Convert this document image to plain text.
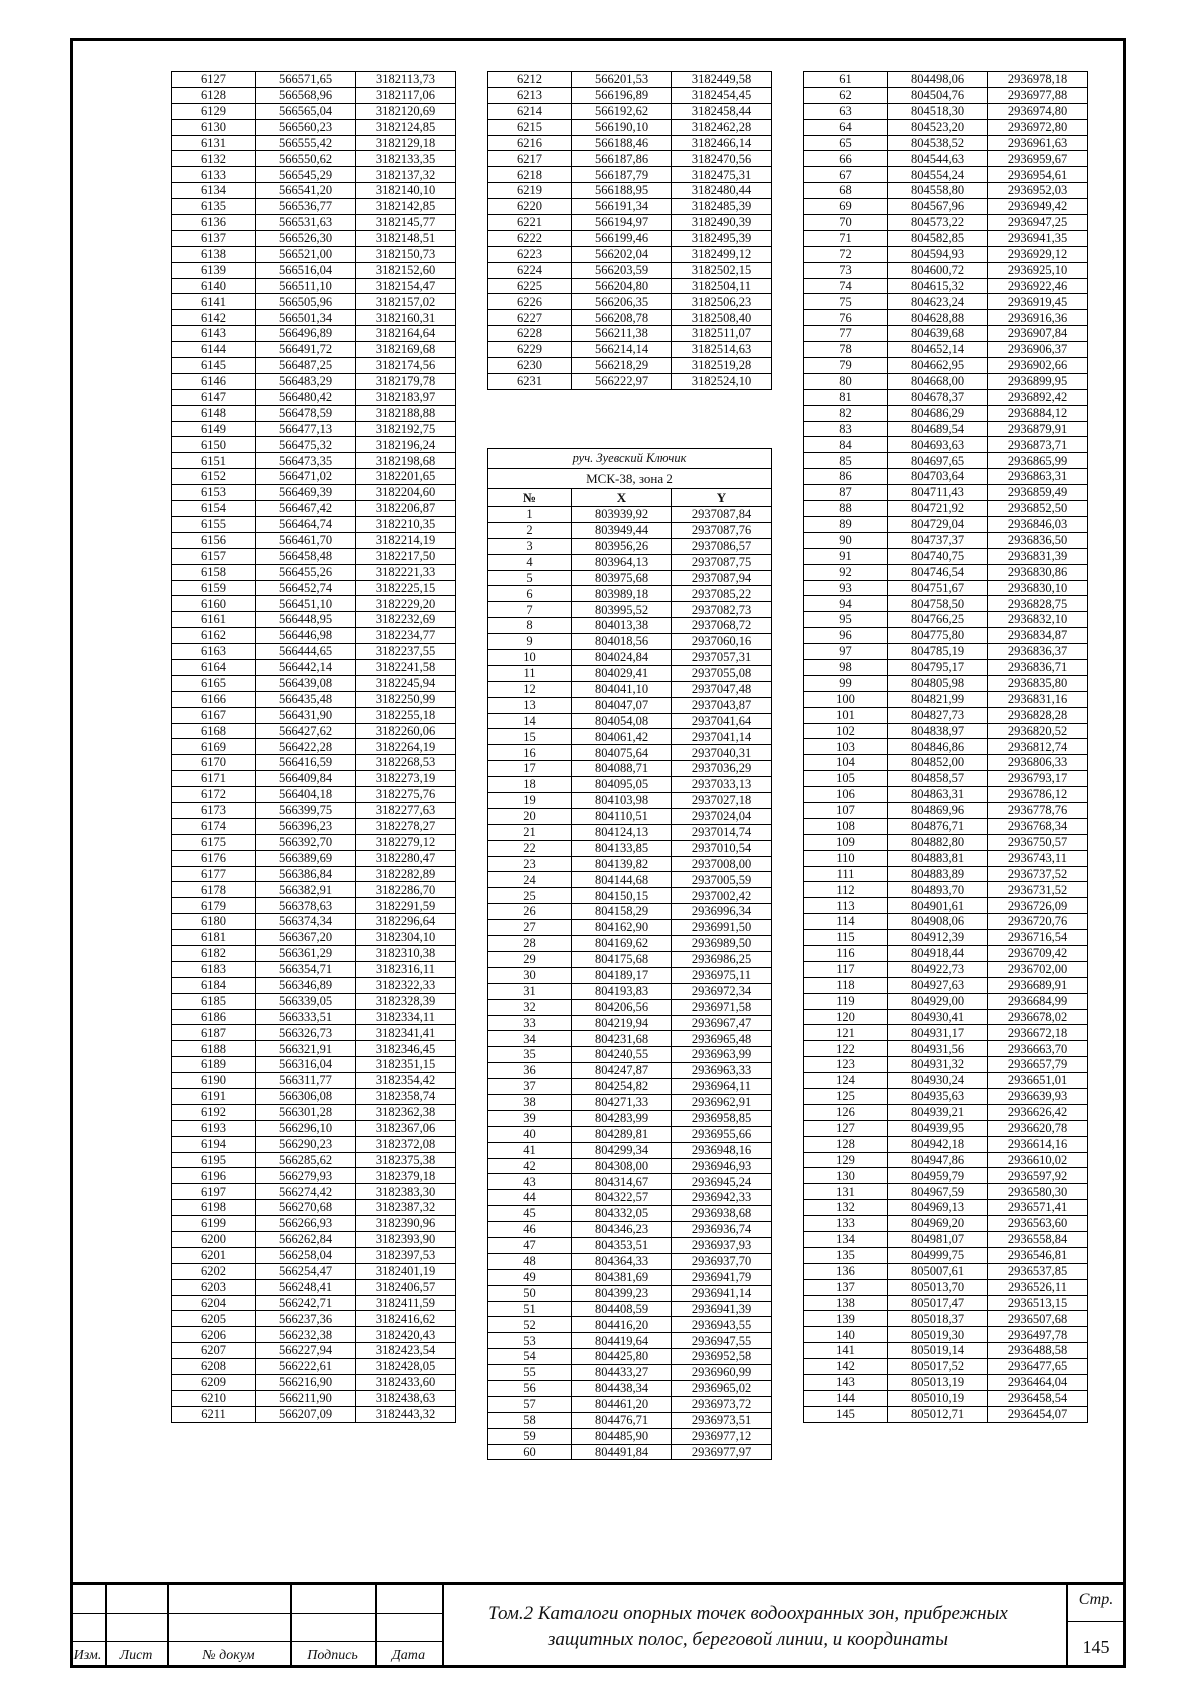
6127	566571,65	3182113,73
6128	566568,96	3182117,06
6129	566565,04	3182120,69
6130	566560,23	3182124,85
6131	566555,42	3182129,18
6132	566550,62	3182133,35
6133	566545,29	3182137,32
6134	566541,20	3182140,10
6135	566536,77	3182142,85
6136	566531,63	3182145,77
6137	566526,30	3182148,51
6138	566521,00	3182150,73
6139	566516,04	3182152,60
6140	566511,10	3182154,47
6141	566505,96	3182157,02
6142	566501,34	3182160,31
6143	566496,89	3182164,64
6144	566491,72	3182169,68
6145	566487,25	3182174,56
6146	566483,29	3182179,78
6147	566480,42	3182183,97
6148	566478,59	3182188,88
6149	566477,13	3182192,75
6150	566475,32	3182196,24
6151	566473,35	3182198,68
6152	566471,02	3182201,65
6153	566469,39	3182204,60
6154	566467,42	3182206,87
6155	566464,74	3182210,35
6156	566461,70	3182214,19
6157	566458,48	3182217,50
6158	566455,26	3182221,33
6159	566452,74	3182225,15
6160	566451,10	3182229,20
6161	566448,95	3182232,69
6162	566446,98	3182234,77
6163	566444,65	3182237,55
6164	566442,14	3182241,58
6165	566439,08	3182245,94
6166	566435,48	3182250,99
6167	566431,90	3182255,18
6168	566427,62	3182260,06
6169	566422,28	3182264,19
6170	566416,59	3182268,53
6171	566409,84	3182273,19
6172	566404,18	3182275,76
6173	566399,75	3182277,63
6174	566396,23	3182278,27
6175	566392,70	3182279,12
6176	566389,69	3182280,47
6177	566386,84	3182282,89
6178	566382,91	3182286,70
6179	566378,63	3182291,59
6180	566374,34	3182296,64
6181	566367,20	3182304,10
6182	566361,29	3182310,38
6183	566354,71	3182316,11
6184	566346,89	3182322,33
6185	566339,05	3182328,39
6186	566333,51	3182334,11
6187	566326,73	3182341,41
6188	566321,91	3182346,45
6189	566316,04	3182351,15
6190	566311,77	3182354,42
6191	566306,08	3182358,74
6192	566301,28	3182362,38
6193	566296,10	3182367,06
6194	566290,23	3182372,08
6195	566285,62	3182375,38
6196	566279,93	3182379,18
6197	566274,42	3182383,30
6198	566270,68	3182387,32
6199	566266,93	3182390,96
6200	566262,84	3182393,90
6201	566258,04	3182397,53
6202	566254,47	3182401,19
6203	566248,41	3182406,57
6204	566242,71	3182411,59
6205	566237,36	3182416,62
6206	566232,38	3182420,43
6207	566227,94	3182423,54
6208	566222,61	3182428,05
6209	566216,90	3182433,60
6210	566211,90	3182438,63
6211	566207,09	3182443,32
6212	566201,53	3182449,58
6213	566196,89	3182454,45
6214	566192,62	3182458,44
6215	566190,10	3182462,28
6216	566188,46	3182466,14
6217	566187,86	3182470,56
6218	566187,79	3182475,31
6219	566188,95	3182480,44
6220	566191,34	3182485,39
6221	566194,97	3182490,39
6222	566199,46	3182495,39
6223	566202,04	3182499,12
6224	566203,59	3182502,15
6225	566204,80	3182504,11
6226	566206,35	3182506,23
6227	566208,78	3182508,40
6228	566211,38	3182511,07
6229	566214,14	3182514,63
6230	566218,29	3182519,28
6231	566222,97	3182524,10
руч. Зуевский Ключик		
МСК-38, зона 2		
№	X	Y
1	803939,92	2937087,84
2	803949,44	2937087,76
3	803956,26	2937086,57
4	803964,13	2937087,75
5	803975,68	2937087,94
6	803989,18	2937085,22
7	803995,52	2937082,73
8	804013,38	2937068,72
9	804018,56	2937060,16
10	804024,84	2937057,31
11	804029,41	2937055,08
12	804041,10	2937047,48
13	804047,07	2937043,87
14	804054,08	2937041,64
15	804061,42	2937041,14
16	804075,64	2937040,31
17	804088,71	2937036,29
18	804095,05	2937033,13
19	804103,98	2937027,18
20	804110,51	2937024,04
21	804124,13	2937014,74
22	804133,85	2937010,54
23	804139,82	2937008,00
24	804144,68	2937005,59
25	804150,15	2937002,42
26	804158,29	2936996,34
27	804162,90	2936991,50
28	804169,62	2936989,50
29	804175,68	2936986,25
30	804189,17	2936975,11
31	804193,83	2936972,34
32	804206,56	2936971,58
33	804219,94	2936967,47
34	804231,68	2936965,48
35	804240,55	2936963,99
36	804247,87	2936963,33
37	804254,82	2936964,11
38	804271,33	2936962,91
39	804283,99	2936958,85
40	804289,81	2936955,66
41	804299,34	2936948,16
42	804308,00	2936946,93
43	804314,67	2936945,24
44	804322,57	2936942,33
45	804332,05	2936938,68
46	804346,23	2936936,74
47	804353,51	2936937,93
48	804364,33	2936937,70
49	804381,69	2936941,79
50	804399,23	2936941,14
51	804408,59	2936941,39
52	804416,20	2936943,55
53	804419,64	2936947,55
54	804425,80	2936952,58
55	804433,27	2936960,99
56	804438,34	2936965,02
57	804461,20	2936973,72
58	804476,71	2936973,51
59	804485,90	2936977,12
60	804491,84	2936977,97
61	804498,06	2936978,18
62	804504,76	2936977,88
63	804518,30	2936974,80
64	804523,20	2936972,80
65	804538,52	2936961,63
66	804544,63	2936959,67
67	804554,24	2936954,61
68	804558,80	2936952,03
69	804567,96	2936949,42
70	804573,22	2936947,25
71	804582,85	2936941,35
72	804594,93	2936929,12
73	804600,72	2936925,10
74	804615,32	2936922,46
75	804623,24	2936919,45
76	804628,88	2936916,36
77	804639,68	2936907,84
78	804652,14	2936906,37
79	804662,95	2936902,66
80	804668,00	2936899,95
81	804678,37	2936892,42
82	804686,29	2936884,12
83	804689,54	2936879,91
84	804693,63	2936873,71
85	804697,65	2936865,99
86	804703,64	2936863,31
87	804711,43	2936859,49
88	804721,92	2936852,50
89	804729,04	2936846,03
90	804737,37	2936836,50
91	804740,75	2936831,39
92	804746,54	2936830,86
93	804751,67	2936830,10
94	804758,50	2936828,75
95	804766,25	2936832,10
96	804775,80	2936834,87
97	804785,19	2936836,37
98	804795,17	2936836,71
99	804805,98	2936835,80
100	804821,99	2936831,16
101	804827,73	2936828,28
102	804838,97	2936820,52
103	804846,86	2936812,74
104	804852,00	2936806,33
105	804858,57	2936793,17
106	804863,31	2936786,12
107	804869,96	2936778,76
108	804876,71	2936768,34
109	804882,80	2936750,57
110	804883,81	2936743,11
111	804883,89	2936737,52
112	804893,70	2936731,52
113	804901,61	2936726,09
114	804908,06	2936720,76
115	804912,39	2936716,54
116	804918,44	2936709,42
117	804922,73	2936702,00
118	804927,63	2936689,91
119	804929,00	2936684,99
120	804930,41	2936678,02
121	804931,17	2936672,18
122	804931,56	2936663,70
123	804931,32	2936657,79
124	804930,24	2936651,01
125	804935,63	2936639,93
126	804939,21	2936626,42
127	804939,95	2936620,78
128	804942,18	2936614,16
129	804947,86	2936610,02
130	804959,79	2936597,92
131	804967,59	2936580,30
132	804969,13	2936571,41
133	804969,20	2936563,60
134	804981,07	2936558,84
135	804999,75	2936546,81
136	805007,61	2936537,85
137	805013,70	2936526,11
138	805017,47	2936513,15
139	805018,37	2936507,68
140	805019,30	2936497,78
141	805019,14	2936488,58
142	805017,52	2936477,65
143	805013,19	2936464,04
144	805010,19	2936458,54
145	805012,71	2936454,07
Изм.	Лист	№ докум	Подпись	Дата
Том.2 Каталоги опорных точек водоохранных зон, прибрежных защитных полос, береговой линии, и координаты
Стр.
145
